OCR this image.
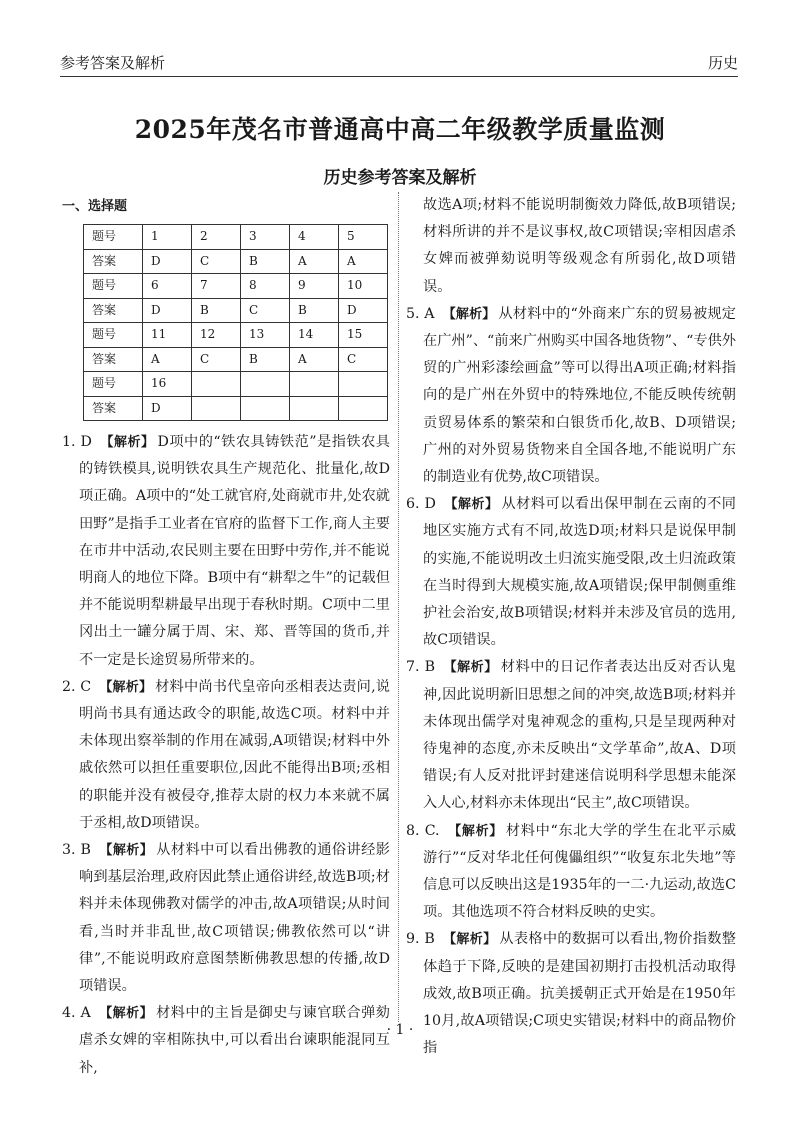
参考答案及解析	历史
2025年茂名市普通高中高二年级教学质量监测
历史参考答案及解析
一、选择题
题号	1	2	3	4	5
答案	D	C	B	A	A
题号	6	7	8	9	10
答案	D	B	C	B	D
题号	11	12	13	14	15
答案	A	C	B	A	C
题号	16				
答案	D				

1. D 【解析】 D项中的“铁农具铸铁范”是指铁农具的铸铁模具,说明铁农具生产规范化、批量化,故D项正确。A项中的“处工就官府,处商就市井,处农就田野”是指手工业者在官府的监督下工作,商人主要在市井中活动,农民则主要在田野中劳作,并不能说明商人的地位下降。B项中有“耕犁之牛”的记载但并不能说明犁耕最早出现于春秋时期。C项中二里冈出土一罐分属于周、宋、郑、晋等国的货币,并不一定是长途贸易所带来的。

2. C 【解析】 材料中尚书代皇帝向丞相表达责问,说明尚书具有通达政令的职能,故选C项。材料中并未体现出察举制的作用在减弱,A项错误;材料中外戚依然可以担任重要职位,因此不能得出B项;丞相的职能并没有被侵夺,推荐太尉的权力本来就不属于丞相,故D项错误。

3. B 【解析】 从材料中可以看出佛教的通俗讲经影响到基层治理,政府因此禁止通俗讲经,故选B项;材料并未体现佛教对儒学的冲击,故A项错误;从时间看,当时并非乱世,故C项错误;佛教依然可以“讲律”,不能说明政府意图禁断佛教思想的传播,故D项错误。

4. A 【解析】 材料中的主旨是御史与谏官联合弹劾虐杀女婢的宰相陈执中,可以看出台谏职能混同互补,

故选A项;材料不能说明制衡效力降低,故B项错误;材料所讲的并不是议事权,故C项错误;宰相因虐杀女婢而被弹劾说明等级观念有所弱化,故D项错误。

5. A 【解析】 从材料中的“外商来广东的贸易被规定在广州”、“前来广州购买中国各地货物”、“专供外贸的广州彩漆绘画盒”等可以得出A项正确;材料指向的是广州在外贸中的特殊地位,不能反映传统朝贡贸易体系的繁荣和白银货币化,故B、D项错误;广州的对外贸易货物来自全国各地,不能说明广东的制造业有优势,故C项错误。

6. D 【解析】 从材料可以看出保甲制在云南的不同地区实施方式有不同,故选D项;材料只是说保甲制的实施,不能说明改土归流实施受限,改土归流政策在当时得到大规模实施,故A项错误;保甲制侧重维护社会治安,故B项错误;材料并未涉及官员的选用,故C项错误。

7. B 【解析】 材料中的日记作者表达出反对否认鬼神,因此说明新旧思想之间的冲突,故选B项;材料并未体现出儒学对鬼神观念的重构,只是呈现两种对待鬼神的态度,亦未反映出“文学革命”,故A、D项错误;有人反对批评封建迷信说明科学思想未能深入人心,材料亦未体现出“民主”,故C项错误。

8. C. 【解析】 材料中“东北大学的学生在北平示威游行”“反对华北任何傀儡组织”“收复东北失地”等信息可以反映出这是1935年的一二·九运动,故选C项。其他选项不符合材料反映的史实。

9. B 【解析】 从表格中的数据可以看出,物价指数整体趋于下降,反映的是建国初期打击投机活动取得成效,故B项正确。抗美援朝正式开始是在1950年10月,故A项错误;C项史实错误;材料中的商品物价指

· 1 ·
